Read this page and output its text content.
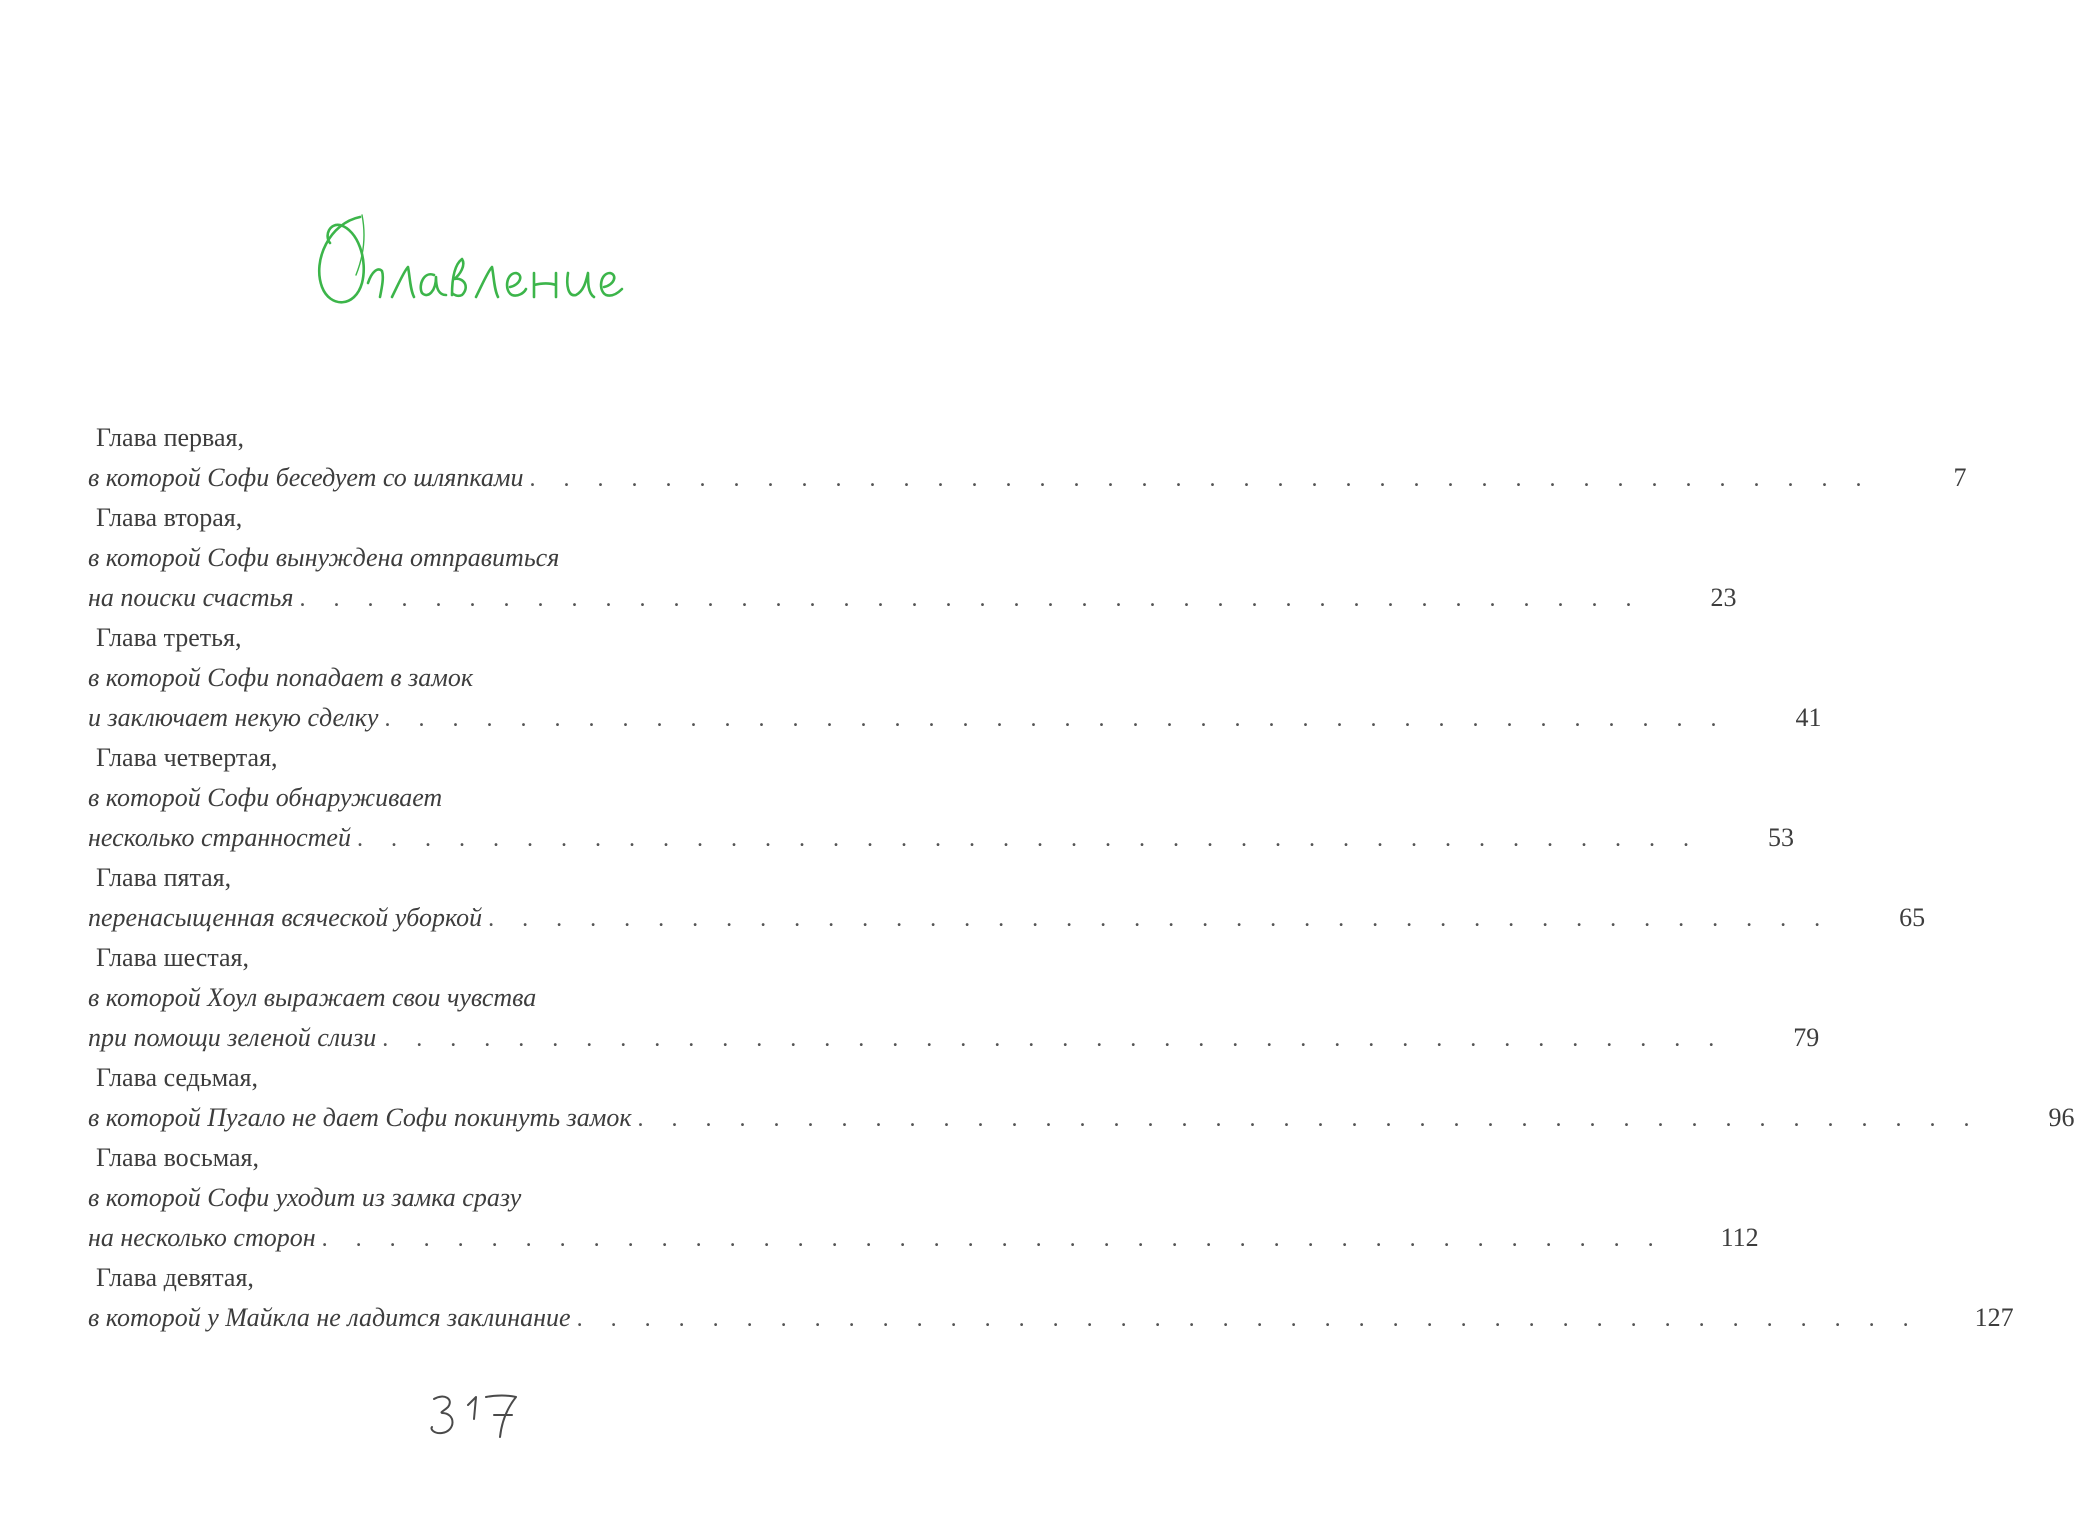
Глава первая,
в которой Софи беседует со шляпками . . . . . . . . . . . . . . . . . . . . . . . . . . . . . . . . . . . . . . . .	7
Глава вторая,
в которой Софи вынуждена отправиться
на поиски счастья . . . . . . . . . . . . . . . . . . . . . . . . . . . . . . . . . . . . . . . .	23
Глава третья,
в которой Софи попадает в замок
и заключает некую сделку . . . . . . . . . . . . . . . . . . . . . . . . . . . . . . . . . . . . . . . .	41
Глава четвертая,
в которой Софи обнаруживает
несколько странностей . . . . . . . . . . . . . . . . . . . . . . . . . . . . . . . . . . . . . . . .	53
Глава пятая,
перенасыщенная всяческой уборкой . . . . . . . . . . . . . . . . . . . . . . . . . . . . . . . . . . . . . . . .	65
Глава шестая,
в которой Хоул выражает свои чувства
при помощи зеленой слизи . . . . . . . . . . . . . . . . . . . . . . . . . . . . . . . . . . . . . . . .	79
Глава седьмая,
в которой Пугало не дает Софи покинуть замок . . . . . . . . . . . . . . . . . . . . . . . . . . . . . . . . . . . . . . . .	96
Глава восьмая,
в которой Софи уходит из замка сразу
на несколько сторон . . . . . . . . . . . . . . . . . . . . . . . . . . . . . . . . . . . . . . . .	112
Глава девятая,
в которой у Майкла не ладится заклинание . . . . . . . . . . . . . . . . . . . . . . . . . . . . . . . . . . . . . . . .	127
